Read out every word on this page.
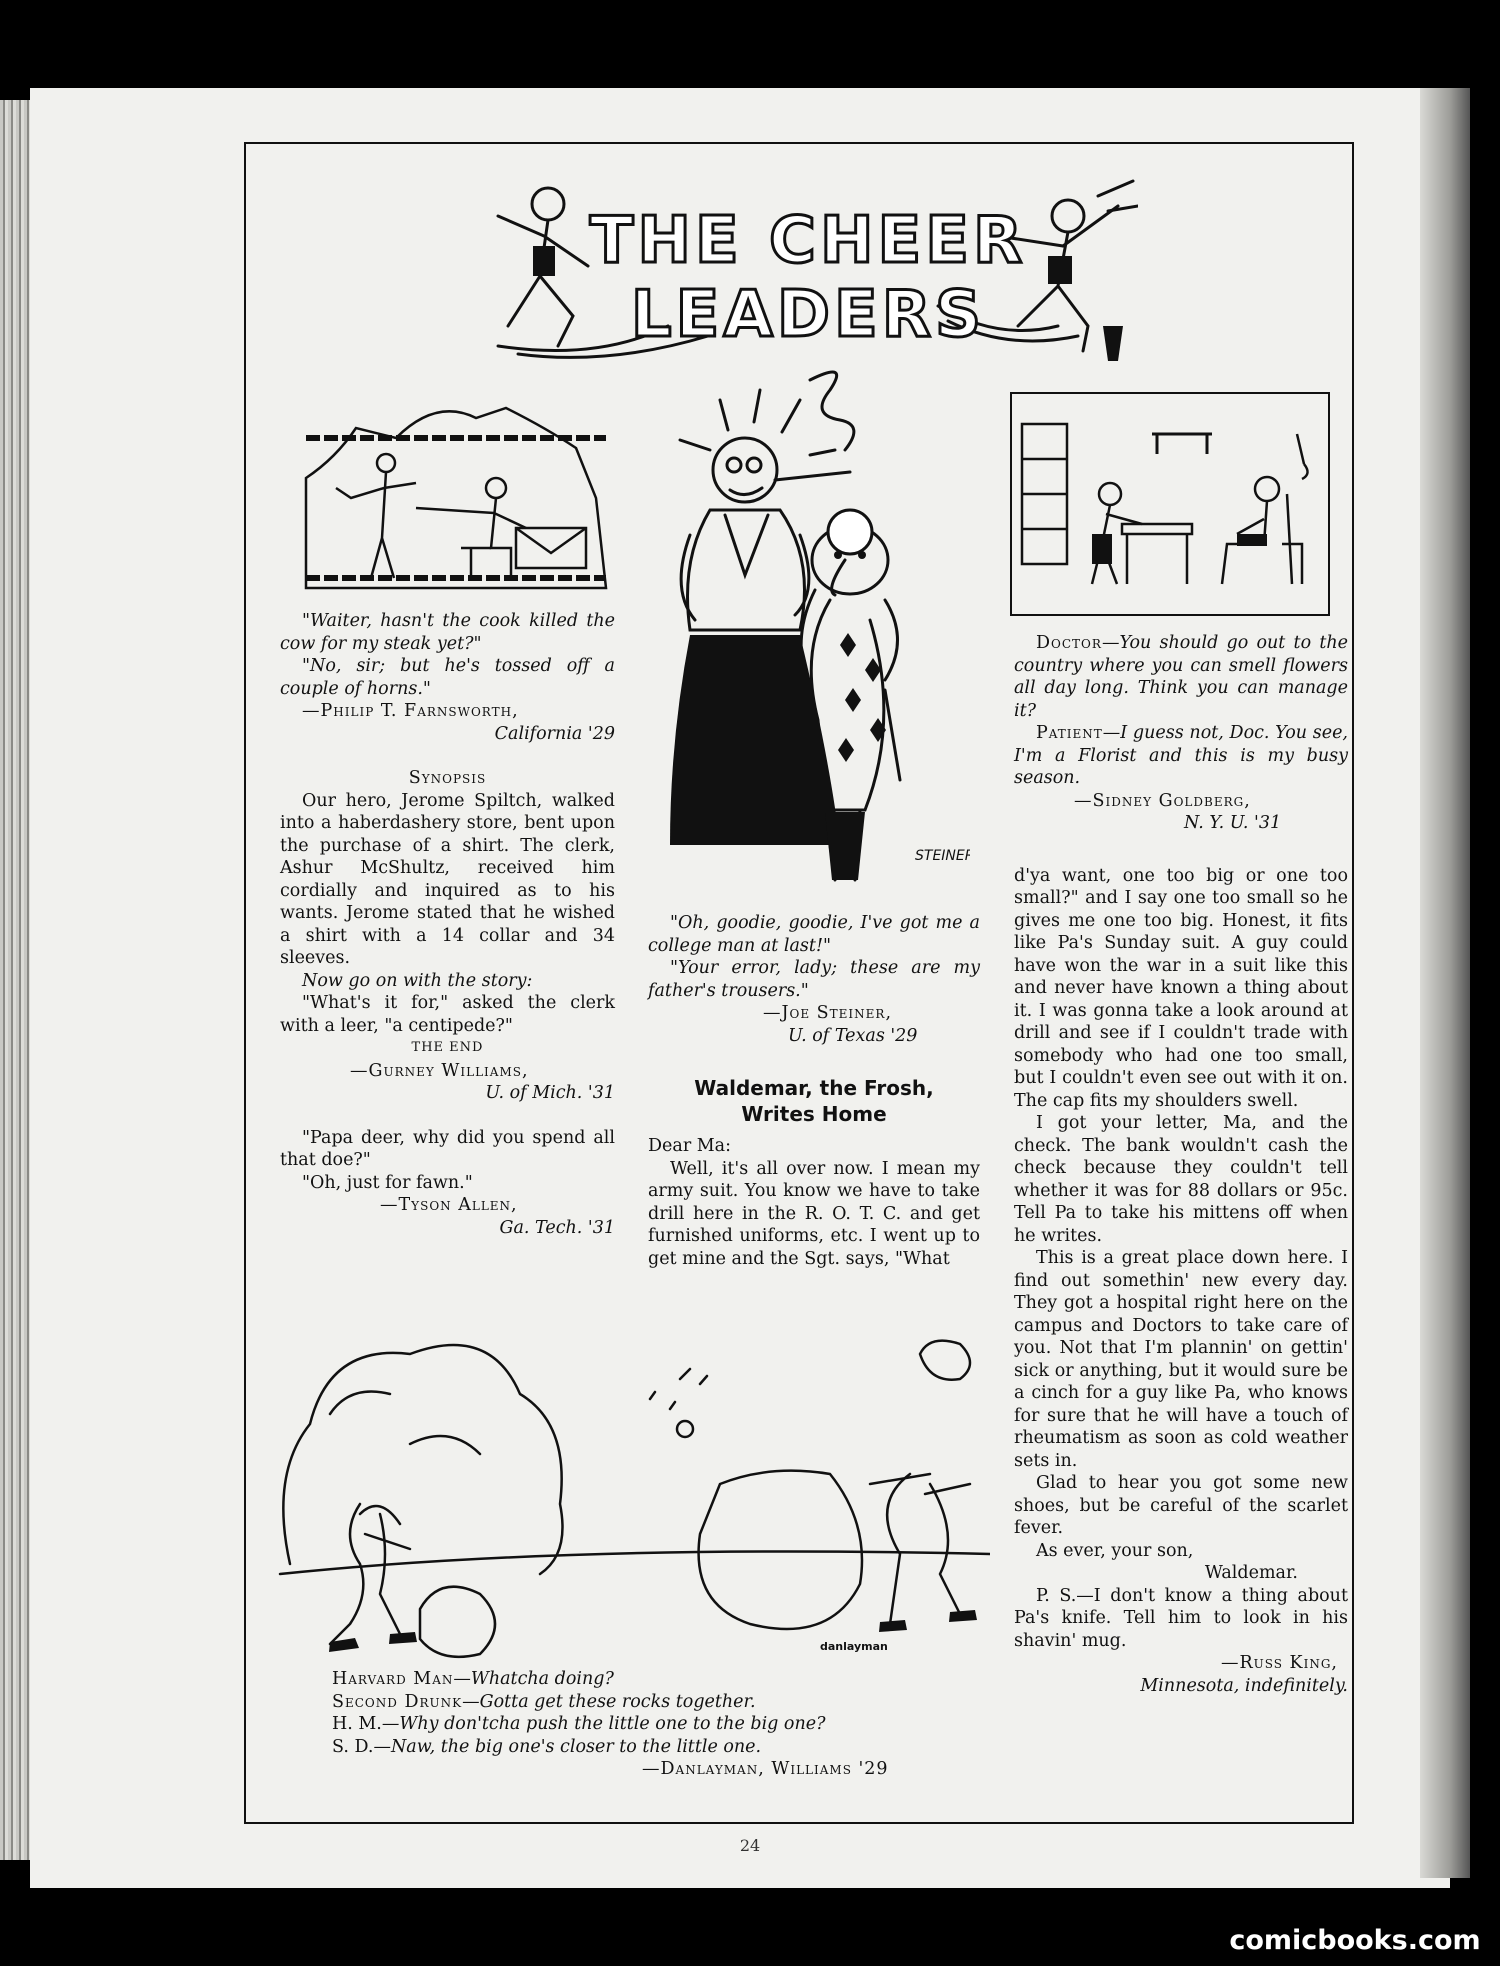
THE CHEER LEADERS

"Waiter, hasn't the cook killed the cow for my steak yet?"

"No, sir; but he's tossed off a couple of horns."

—Philip T. Farnsworth,

California '29

Synopsis

Our hero, Jerome Spiltch, walked into a haberdashery store, bent upon the purchase of a shirt. The clerk, Ashur McShultz, received him cordially and inquired as to his wants. Jerome stated that he wished a shirt with a 14 collar and 34 sleeves.

Now go on with the story:

"What's it for," asked the clerk with a leer, "a centipede?"

THE END

—Gurney Williams,

U. of Mich. '31

"Papa deer, why did you spend all that doe?"

"Oh, just for fawn."

—Tyson Allen,

Ga. Tech. '31

STEINER

"Oh, goodie, goodie, I've got me a college man at last!"

"Your error, lady; these are my father's trousers."

—Joe Steiner,

U. of Texas '29

Waldemar, the Frosh,

Writes Home

Dear Ma:

Well, it's all over now. I mean my army suit. You know we have to take drill here in the R. O. T. C. and get furnished uniforms, etc. I went up to get mine and the Sgt. says, "What

Doctor—You should go out to the country where you can smell flowers all day long. Think you can manage it?

Patient—I guess not, Doc. You see, I'm a Florist and this is my busy season.

—Sidney Goldberg,

N. Y. U. '31

d'ya want, one too big or one too small?" and I say one too small so he gives me one too big. Honest, it fits like Pa's Sunday suit. A guy could have won the war in a suit like this and never have known a thing about it. I was gonna take a look around at drill and see if I couldn't trade with somebody who had one too small, but I couldn't even see out with it on. The cap fits my shoulders swell.

I got your letter, Ma, and the check. The bank wouldn't cash the check because they couldn't tell whether it was for 88 dollars or 95c. Tell Pa to take his mittens off when he writes.

This is a great place down here. I find out somethin' new every day. They got a hospital right here on the campus and Doctors to take care of you. Not that I'm plannin' on gettin' sick or anything, but it would sure be a cinch for a guy like Pa, who knows for sure that he will have a touch of rheumatism as soon as cold weather sets in.

Glad to hear you got some new shoes, but be careful of the scarlet fever.

As ever, your son,

Waldemar.

P. S.—I don't know a thing about Pa's knife. Tell him to look in his shavin' mug.

—Russ King,

Minnesota, indefinitely.

danlayman

Harvard Man—Whatcha doing?

Second Drunk—Gotta get these rocks together.

H. M.—Why don'tcha push the little one to the big one?

S. D.—Naw, the big one's closer to the little one.

—Danlayman, Williams '29

24
comicbooks.com
